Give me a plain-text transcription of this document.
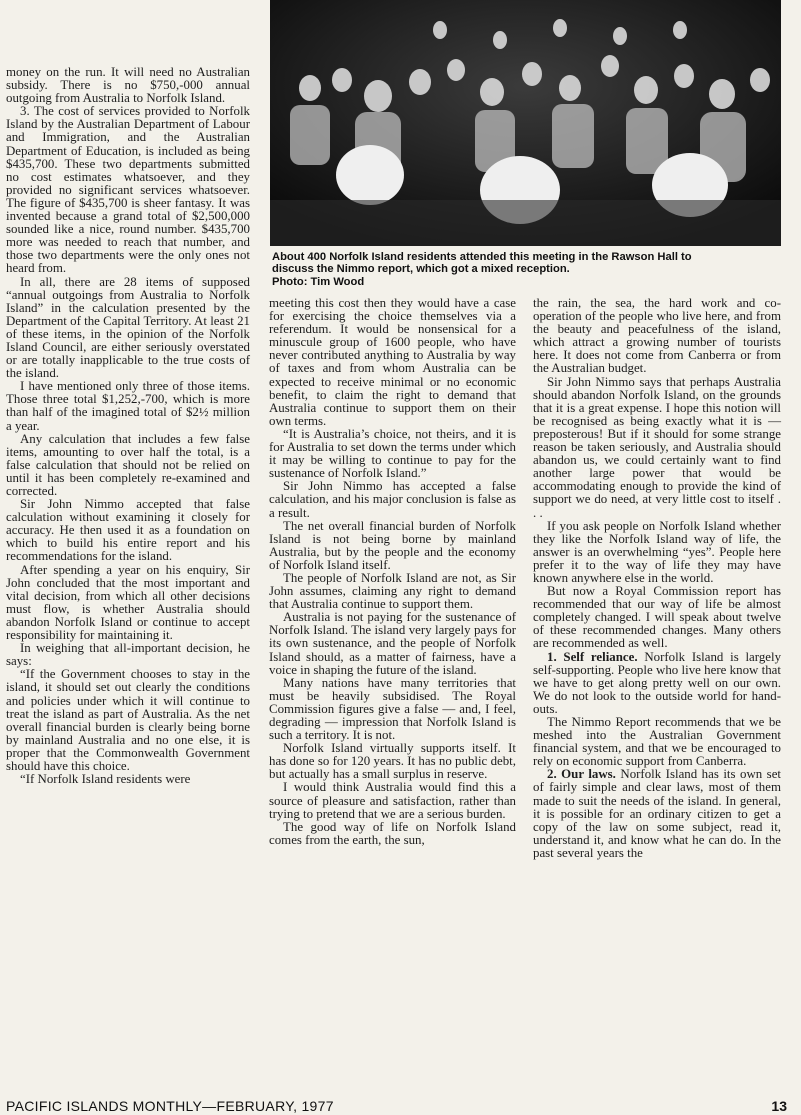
About 400 Norfolk Island residents attended this meeting in the Rawson Hall to
discuss the Nimmo report, which got a mixed reception.
Photo: Tim Wood

money on the run. It will need no Australian subsidy. There is no $750,-000 annual outgoing from Australia to Norfolk Island.

3. The cost of services provided to Norfolk Island by the Australian Department of Labour and Immigration, and the Australian Department of Education, is included as being $435,700. These two departments submitted no cost estimates whatsoever, and they provided no significant services whatsoever. The figure of $435,700 is sheer fantasy. It was invented because a grand total of $2,500,000 sounded like a nice, round number. $435,700 more was needed to reach that number, and those two departments were the only ones not heard from.

In all, there are 28 items of supposed “annual outgoings from Australia to Norfolk Island” in the calculation presented by the Department of the Capital Territory. At least 21 of these items, in the opinion of the Norfolk Island Council, are either seriously overstated or are totally inapplicable to the true costs of the island.

I have mentioned only three of those items. Those three total $1,252,-700, which is more than half of the imagined total of $2½ million a year.

Any calculation that includes a few false items, amounting to over half the total, is a false calculation that should not be relied on until it has been completely re-examined and corrected.

Sir John Nimmo accepted that false calculation without examining it closely for accuracy. He then used it as a foundation on which to build his entire report and his recommendations for the island.

After spending a year on his enquiry, Sir John concluded that the most important and vital decision, from which all other decisions must flow, is whether Australia should abandon Norfolk Island or continue to accept responsibility for maintaining it.

In weighing that all-important decision, he says:

“If the Government chooses to stay in the island, it should set out clearly the conditions and policies under which it will continue to treat the island as part of Australia. As the net overall financial burden is clearly being borne by mainland Australia and no one else, it is proper that the Commonwealth Government should have this choice.

“If Norfolk Island residents were

meeting this cost then they would have a case for exercising the choice themselves via a referendum. It would be nonsensical for a minuscule group of 1600 people, who have never contributed anything to Australia by way of taxes and from whom Australia can be expected to receive minimal or no economic benefit, to claim the right to demand that Australia continue to support them on their own terms.

“It is Australia’s choice, not theirs, and it is for Australia to set down the terms under which it may be willing to continue to pay for the sustenance of Norfolk Island.”

Sir John Nimmo has accepted a false calculation, and his major conclusion is false as a result.

The net overall financial burden of Norfolk Island is not being borne by mainland Australia, but by the people and the economy of Norfolk Island itself.

The people of Norfolk Island are not, as Sir John assumes, claiming any right to demand that Australia continue to support them.

Australia is not paying for the sustenance of Norfolk Island. The island very largely pays for its own sustenance, and the people of Norfolk Island should, as a matter of fairness, have a voice in shaping the future of the island.

Many nations have many territories that must be heavily subsidised. The Royal Commission figures give a false — and, I feel, degrading — impression that Norfolk Island is such a territory. It is not.

Norfolk Island virtually supports itself. It has done so for 120 years. It has no public debt, but actually has a small surplus in reserve.

I would think Australia would find this a source of pleasure and satisfaction, rather than trying to pretend that we are a serious burden.

The good way of life on Norfolk Island comes from the earth, the sun,

the rain, the sea, the hard work and co-operation of the people who live here, and from the beauty and peacefulness of the island, which attract a growing number of tourists here. It does not come from Canberra or from the Australian budget.

Sir John Nimmo says that perhaps Australia should abandon Norfolk Island, on the grounds that it is a great expense. I hope this notion will be recognised as being exactly what it is — preposterous! But if it should for some strange reason be taken seriously, and Australia should abandon us, we could certainly want to find another large power that would be accommodating enough to provide the kind of support we do need, at very little cost to itself . . .

If you ask people on Norfolk Island whether they like the Norfolk Island way of life, the answer is an overwhelming “yes”. People here prefer it to the way of life they may have known anywhere else in the world.

But now a Royal Commission report has recommended that our way of life be almost completely changed. I will speak about twelve of these recommended changes. Many others are recommended as well.

1. Self reliance. Norfolk Island is largely self-supporting. People who live here know that we have to get along pretty well on our own. We do not look to the outside world for hand-outs.

The Nimmo Report recommends that we be meshed into the Australian Government financial system, and that we be encouraged to rely on economic support from Canberra.

2. Our laws. Norfolk Island has its own set of fairly simple and clear laws, most of them made to suit the needs of the island. In general, it is possible for an ordinary citizen to get a copy of the law on some subject, read it, understand it, and know what he can do. In the past several years the

PACIFIC ISLANDS MONTHLY—FEBRUARY, 1977	13
